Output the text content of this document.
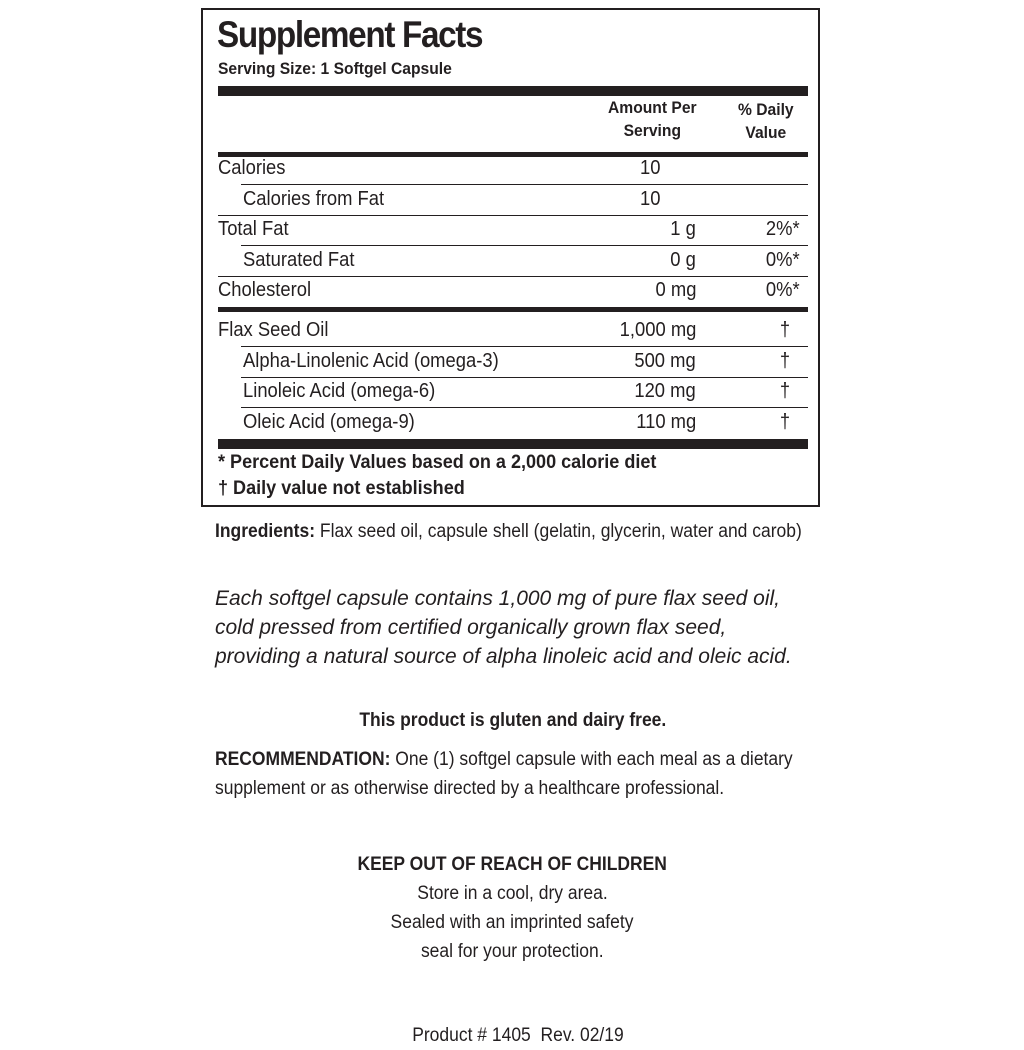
Supplement Facts
Serving Size: 1 Softgel Capsule
Amount Per
Serving
% Daily
Value
Calories	10
Calories from Fat	10
Total Fat	1 g	2%*
Saturated Fat	0 g	0%*
Cholesterol	0 mg	0%*
Flax Seed Oil	1,000 mg	†
Alpha-Linolenic Acid (omega-3)	500 mg	†
Linoleic Acid (omega-6)	120 mg	†
Oleic Acid (omega-9)	110 mg	†
* Percent Daily Values based on a 2,000 calorie diet
† Daily value not established
Ingredients: Flax seed oil, capsule shell (gelatin, glycerin, water and carob)
Each softgel capsule contains 1,000 mg of pure flax seed oil, cold pressed from certified organically grown flax seed, providing a natural source of alpha linoleic acid and oleic acid.
This product is gluten and dairy free.
RECOMMENDATION: One (1) softgel capsule with each meal as a dietary supplement or as otherwise directed by a healthcare professional.
KEEP OUT OF REACH OF CHILDREN
Store in a cool, dry area.
Sealed with an imprinted safety
seal for your protection.

Product # 1405  Rev. 02/19
